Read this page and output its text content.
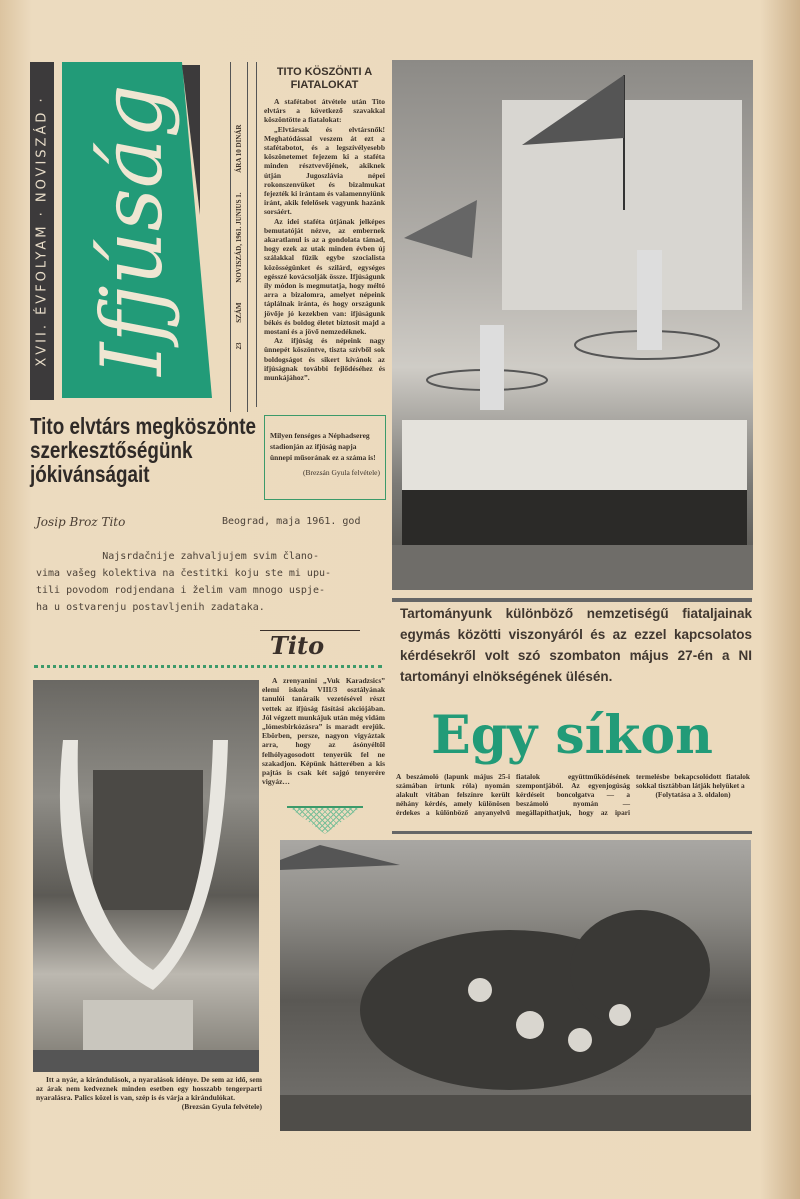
XVII. ÉVFOLYAM · NOVISZÁD · Ifjúság	23 SZÁM NOVISZÁD, 1961. JUNIUS 1. ÁRA 10 DINÁR
TITO KÖSZÖNTI A FIATALOKAT

A stafétabot átvétele után Tito elvtárs a következő szavakkal köszöntötte a fiatalokat:

„Elvtársak és elvtársnők! Meghatódással veszem át ezt a stafétabotot, és a legszívélyesebb köszönetemet fejezem ki a staféta minden résztvevőjének, akiknek útján Jugoszlávia népei rokonszenvüket és bizalmukat fejezték ki irántam és valamennyiünk iránt, akik felelősek vagyunk hazánk sorsáért.

Az idei staféta útjának jelképes bemutatóját nézve, az embernek akaratlanul is az a gondolata támad, hogy ezek az utak minden évben új szálakkal fűzik egybe szocialista közösségünket és szilárd, egységes egésszé kovácsolják össze. Ifjúságunk íly módon is megmutatja, hogy méltó arra a bizalomra, amelyet népeink táplálnak iránta, és hogy országunk jövője jó kezekben van: ifjúságunk békés és boldog életet biztosít majd a mostani és a jövő nemzedéknek.

Az ifjúság és népeink nagy ünnepét köszöntve, tiszta szívből sok boldogságot és sikert kívánok az ifjúságnak további fejlődéséhez és munkájához”.

Milyen fenséges a Néphadsereg stadionján az ifjúság napja ünnepi műsorának ez a száma is!
(Brezsán Gyula felvétele)
Tito elvtárs megköszönte
szerkesztőségünk
jókivánságait
Josip Broz Tito	Beograd, maja 1961. god
Najsrdačnije zahvaljujem svim člano-
vima vašeg kolektiva na čestitki koju ste mi upu-
tili povodom rodjendana i želim vam mnogo uspje-
ha u ostvarenju postavljenih zadataka.
Tito
Tartományunk különböző nemzetiségű fiataljainak egymás közötti viszonyáról és az ezzel kapcsolatos kérdésekről volt szó szombaton május 27-én a NI tartományi elnökségének ülésén.
Egy síkon
A beszámoló (lapunk május 25-i számában írtunk róla) nyomán alakult vitában felszínre került néhány kérdés, amely különösen érdekes a különböző anyanyelvű fiatalok együttműködésének szempontjából. Az egyenjogúság kérdéseit boncolgatva — a beszámoló nyomán — megállapíthatjuk, hogy az ipari termelésbe bekapcsolódott fiatalok sokkal tisztábban látják helyüket a
(Folytatása a 3. oldalon)

Itt a nyár, a kirándulások, a nyaralások idénye. De sem az idő, sem az árak nem kedveznek minden esetben egy hosszabb tengerparti nyaralásra. Palics közel is van, szép is és várja a kirándulókat.

(Brezsán Gyula felvétele)

A zrenyanini „Vuk Karadzsics” elemi iskola VIII/3 osztályának tanulói tanáraik vezetésével részt vettek az ifjúság fásítási akciójában. Jól végzett munkájuk után még vidám „lómesbirkózásra” is maradt erejük. Ebörben, persze, nagyon vigyáztak arra, hogy az ásónyéltől felhólyagosodott tenyerük fel ne szakadjon. Képünk hátterében a kis pajtás is csak két sajgó tenyerére vigyáz…
